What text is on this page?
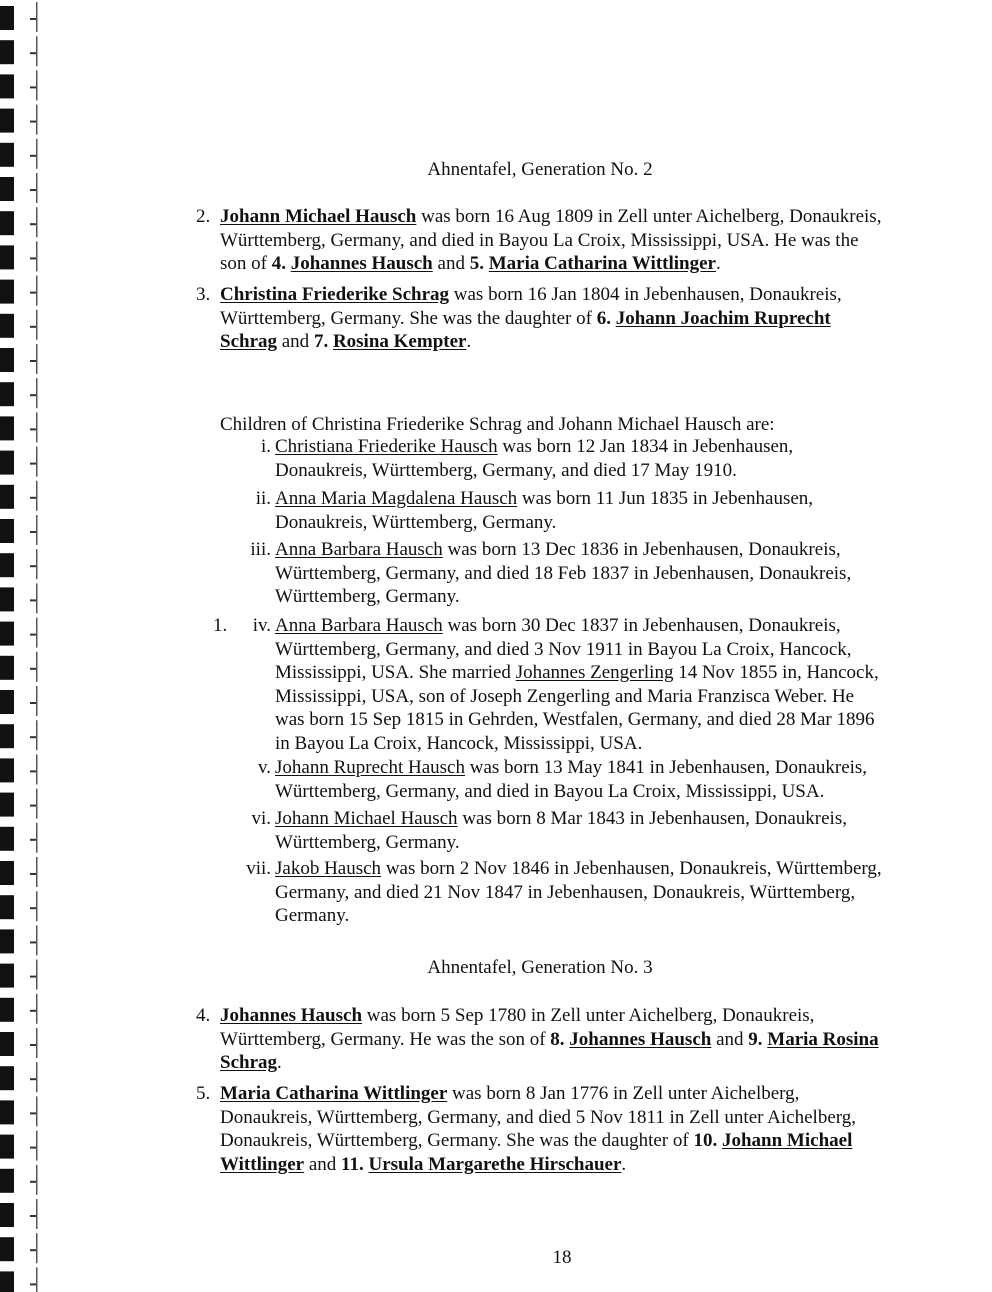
Ahnentafel, Generation No. 2
2. Johann Michael Hausch was born 16 Aug 1809 in Zell unter Aichelberg, Donaukreis,
Württemberg, Germany, and died in Bayou La Croix, Mississippi, USA. He was the
son of 4. Johannes Hausch and 5. Maria Catharina Wittlinger.
3. Christina Friederike Schrag was born 16 Jan 1804 in Jebenhausen, Donaukreis,
Württemberg, Germany. She was the daughter of 6. Johann Joachim Ruprecht
Schrag and 7. Rosina Kempter.
Children of Christina Friederike Schrag and Johann Michael Hausch are:
i. Christiana Friederike Hausch was born 12 Jan 1834 in Jebenhausen,
Donaukreis, Württemberg, Germany, and died 17 May 1910.
ii. Anna Maria Magdalena Hausch was born 11 Jun 1835 in Jebenhausen,
Donaukreis, Württemberg, Germany.
iii. Anna Barbara Hausch was born 13 Dec 1836 in Jebenhausen, Donaukreis,
Württemberg, Germany, and died 18 Feb 1837 in Jebenhausen, Donaukreis,
Württemberg, Germany.
1. iv. Anna Barbara Hausch was born 30 Dec 1837 in Jebenhausen, Donaukreis,
Württemberg, Germany, and died 3 Nov 1911 in Bayou La Croix, Hancock,
Mississippi, USA. She married Johannes Zengerling 14 Nov 1855 in, Hancock,
Mississippi, USA, son of Joseph Zengerling and Maria Franzisca Weber. He
was born 15 Sep 1815 in Gehrden, Westfalen, Germany, and died 28 Mar 1896
in Bayou La Croix, Hancock, Mississippi, USA.
v. Johann Ruprecht Hausch was born 13 May 1841 in Jebenhausen, Donaukreis,
Württemberg, Germany, and died in Bayou La Croix, Mississippi, USA.
vi. Johann Michael Hausch was born 8 Mar 1843 in Jebenhausen, Donaukreis,
Württemberg, Germany.
vii. Jakob Hausch was born 2 Nov 1846 in Jebenhausen, Donaukreis, Württemberg,
Germany, and died 21 Nov 1847 in Jebenhausen, Donaukreis, Württemberg,
Germany.
Ahnentafel, Generation No. 3
4. Johannes Hausch was born 5 Sep 1780 in Zell unter Aichelberg, Donaukreis,
Württemberg, Germany. He was the son of 8. Johannes Hausch and 9. Maria Rosina
Schrag.
5. Maria Catharina Wittlinger was born 8 Jan 1776 in Zell unter Aichelberg,
Donaukreis, Württemberg, Germany, and died 5 Nov 1811 in Zell unter Aichelberg,
Donaukreis, Württemberg, Germany. She was the daughter of 10. Johann Michael
Wittlinger and 11. Ursula Margarethe Hirschauer.
18
